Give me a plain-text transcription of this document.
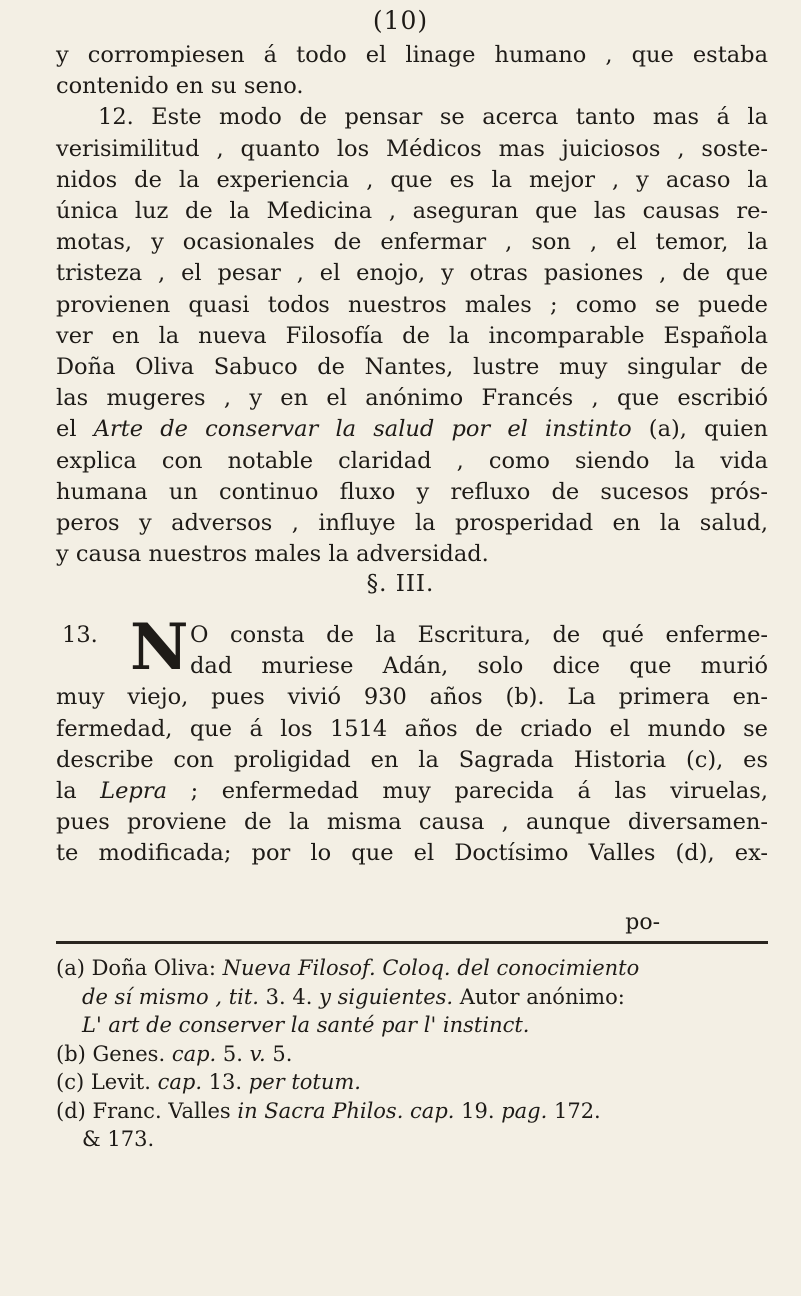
(10)
y corrompiesen á todo el linage humano , que estaba
contenido en su seno.
12. Este modo de pensar se acerca tanto mas á la
verisimilitud , quanto los Médicos mas juiciosos , soste-
nidos de la experiencia , que es la mejor , y acaso la
única luz de la Medicina , aseguran que las causas re-
motas, y ocasionales de enfermar , son , el temor, la
tristeza , el pesar , el enojo, y otras pasiones , de que
provienen quasi todos nuestros males ; como se puede
ver en la nueva Filosofía de la incomparable Española
Doña Oliva Sabuco de Nantes, lustre muy singular de
las mugeres , y en el anónimo Francés , que escribió
el Arte de conservar la salud por el instinto (a), quien
explica con notable claridad , como siendo la vida
humana un continuo fluxo y refluxo de sucesos prós-
peros y adversos , influye la prosperidad en la salud,
y causa nuestros males la adversidad.
§. III.
13. N O consta de la Escritura, de qué enferme-
dad muriese Adán, solo dice que murió
muy viejo, pues vivió 930 años (b). La primera en-
fermedad, que á los 1514 años de criado el mundo se
describe con proligidad en la Sagrada Historia (c), es
la Lepra ; enfermedad muy parecida á las viruelas,
pues proviene de la misma causa , aunque diversamen-
te modificada; por lo que el Doctísimo Valles (d), ex-
po-
(a) Doña Oliva: Nueva Filosof. Coloq. del conocimiento
de sí mismo , tit. 3. 4. y siguientes. Autor anónimo:
L' art de conserver la santé par l' instinct.
(b) Genes. cap. 5. v. 5.
(c) Levit. cap. 13. per totum.
(d) Franc. Valles in Sacra Philos. cap. 19. pag. 172.
& 173.
